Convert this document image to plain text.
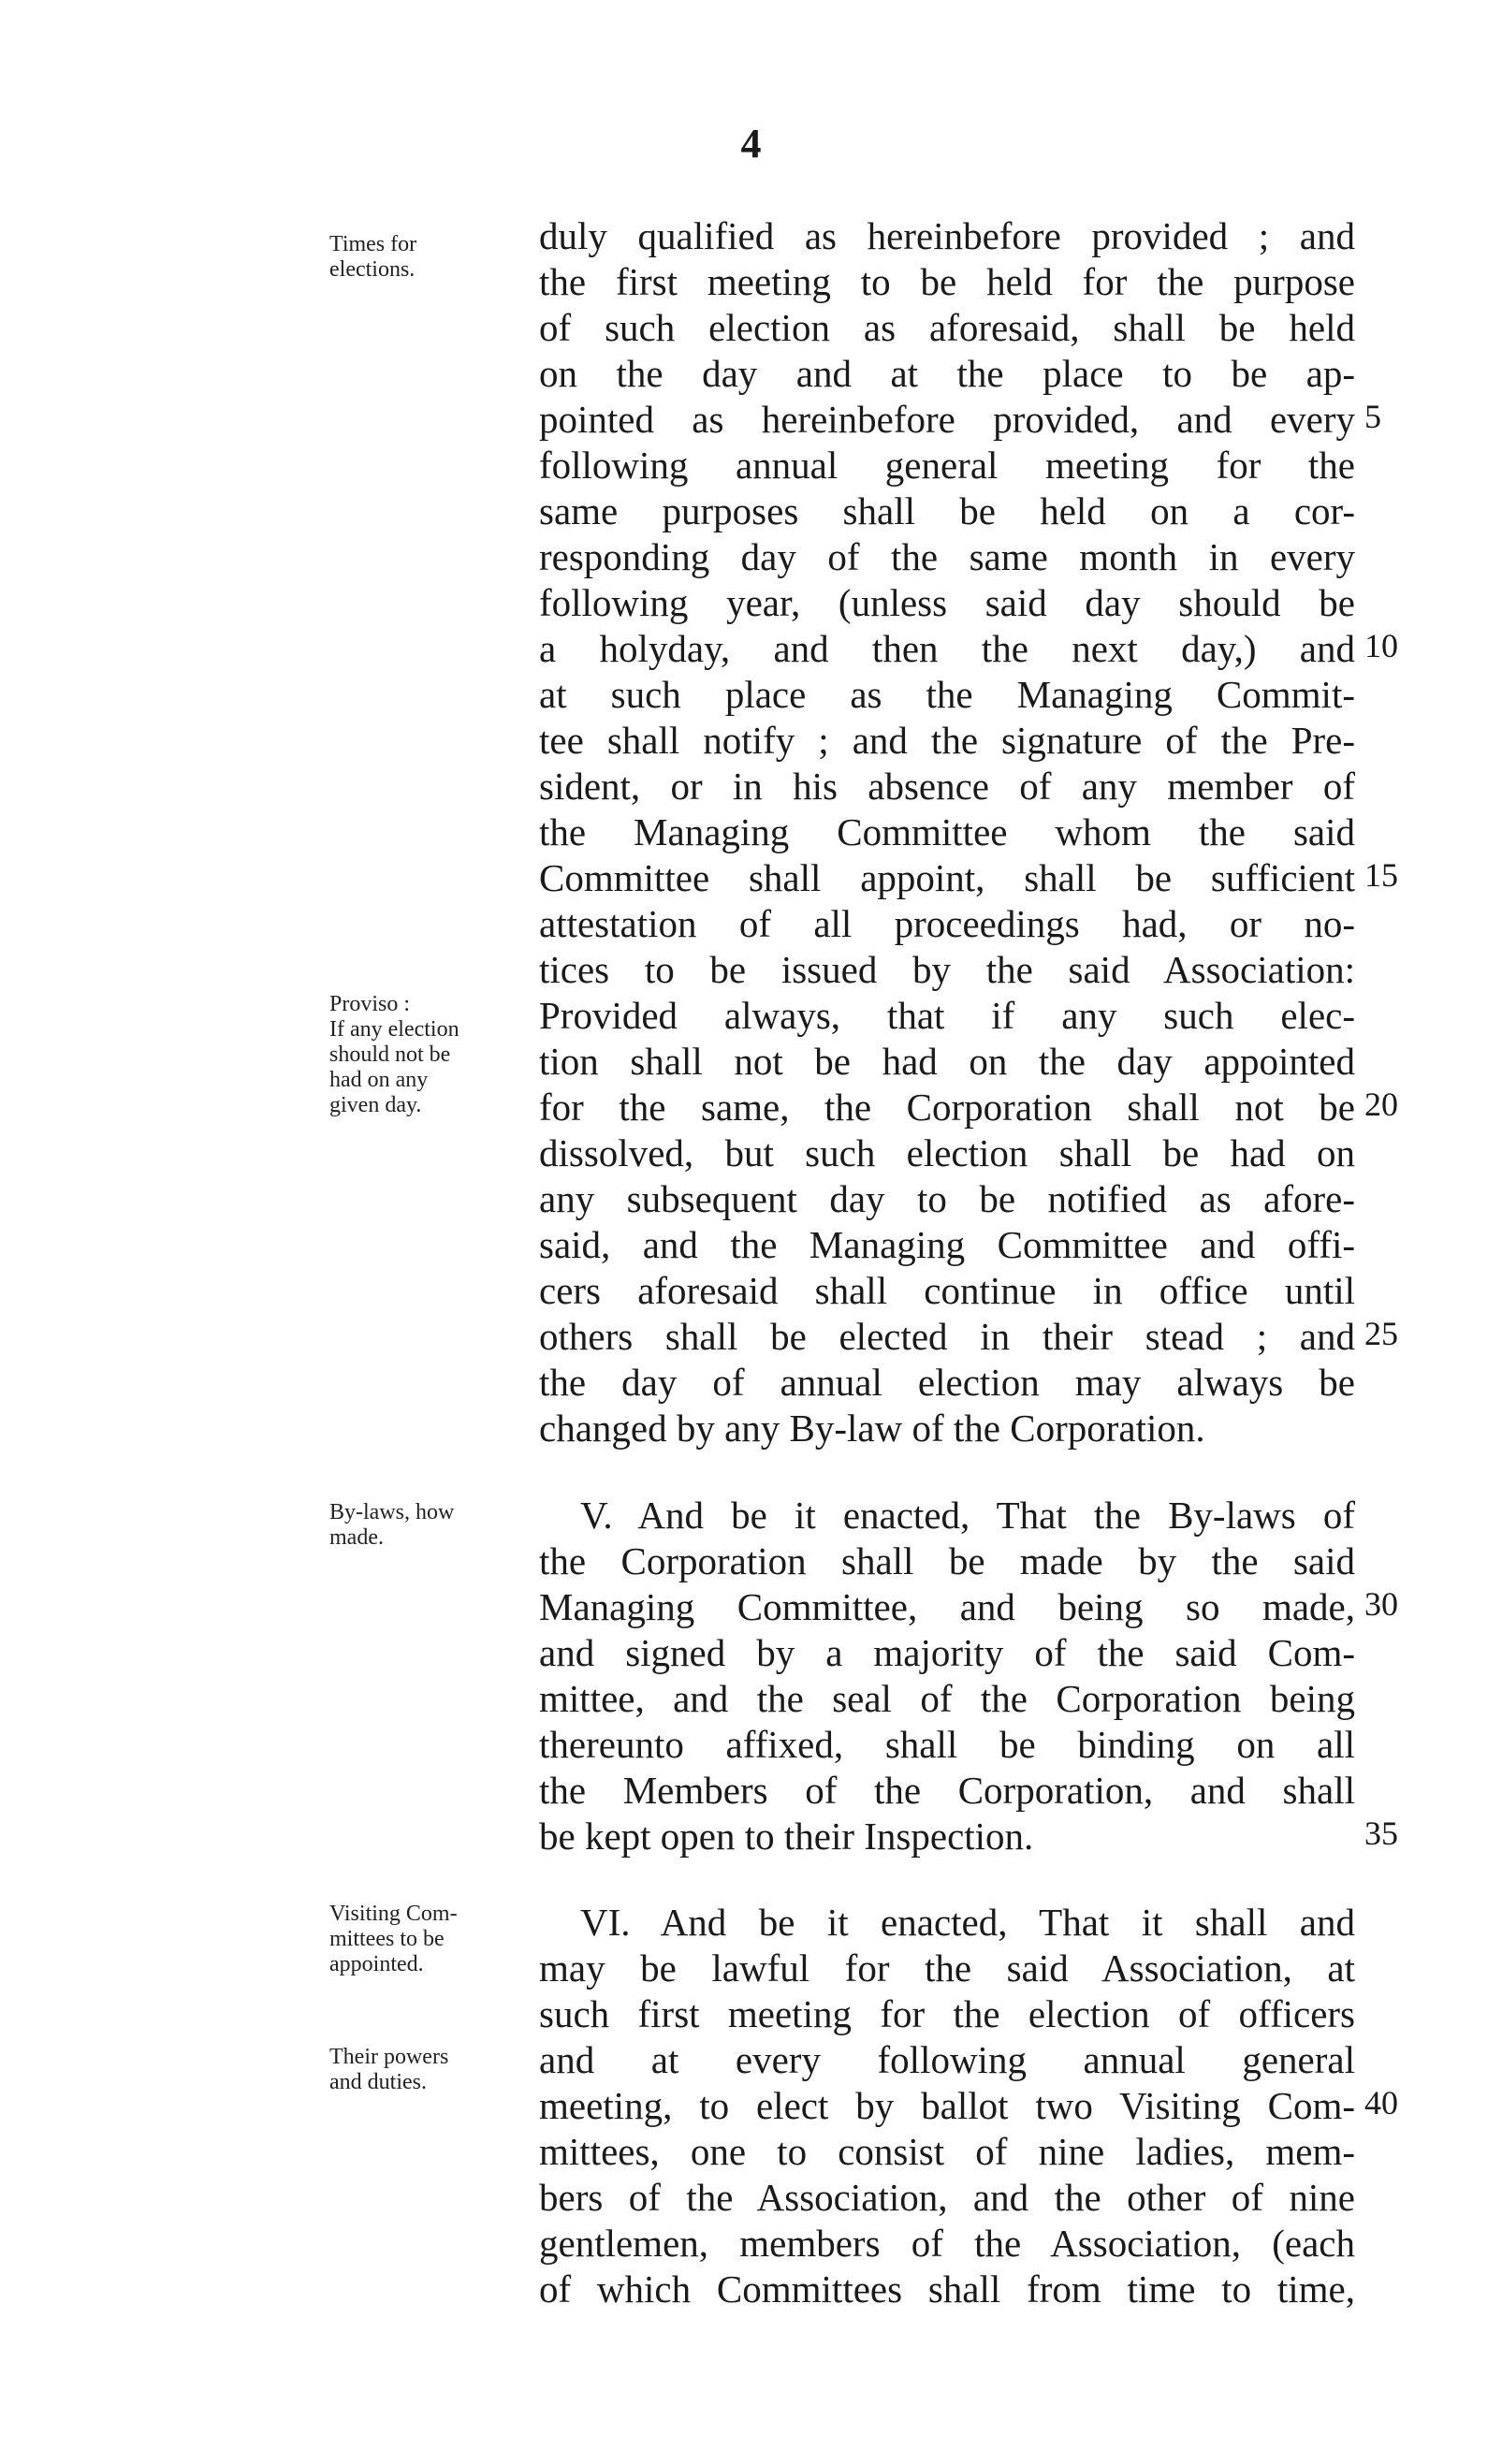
4
Times for
elections.
Proviso :
If any election
should not be
had on any
given day.
By-laws, how
made.
Visiting Com-
mittees to be
appointed.
Their powers
and duties.
duly qualified as hereinbefore provided ; and
the first meeting to be held for the purpose
of such election as aforesaid, shall be held
on the day and at the place to be ap-
pointed as hereinbefore provided, and every 5
following annual general meeting for the
same purposes shall be held on a cor-
responding day of the same month in every
following year, (unless said day should be
a holyday, and then the next day,) and 10
at such place as the Managing Commit-
tee shall notify ; and the signature of the Pre-
sident, or in his absence of any member of
the Managing Committee whom the said
Committee shall appoint, shall be sufficient 15
attestation of all proceedings had, or no-
tices to be issued by the said Association:
Provided always, that if any such elec-
tion shall not be had on the day appointed
for the same, the Corporation shall not be 20
dissolved, but such election shall be had on
any subsequent day to be notified as afore-
said, and the Managing Committee and offi-
cers aforesaid shall continue in office until
others shall be elected in their stead ; and 25
the day of annual election may always be
changed by any By-law of the Corporation.
V. And be it enacted, That the By-laws of
the Corporation shall be made by the said
Managing Committee, and being so made, 30
and signed by a majority of the said Com-
mittee, and the seal of the Corporation being
thereunto affixed, shall be binding on all
the Members of the Corporation, and shall
be kept open to their Inspection.	35
VI. And be it enacted, That it shall and
may be lawful for the said Association, at
such first meeting for the election of officers
and at every following annual general
meeting, to elect by ballot two Visiting Com- 40
mittees, one to consist of nine ladies, mem-
bers of the Association, and the other of nine
gentlemen, members of the Association, (each
of which Committees shall from time to time,
